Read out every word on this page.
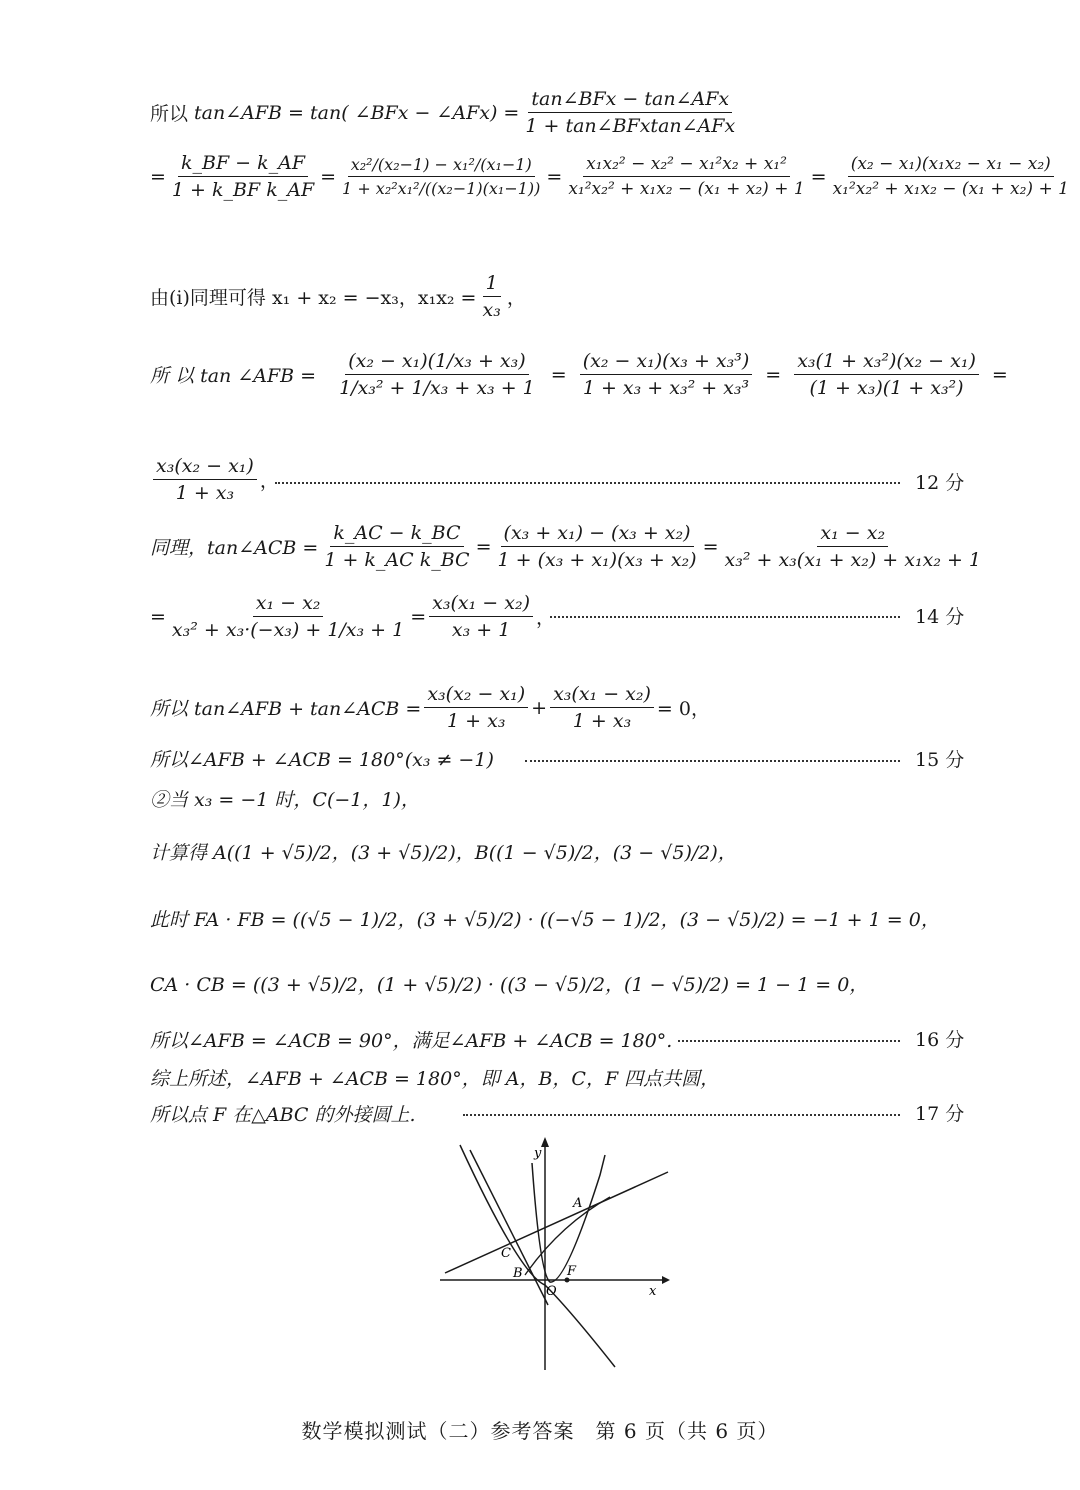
所以 tan∠AFB = tan( ∠BFx − ∠AFx) = $\frac{\text{tan∠BFx − tan∠AFx}}{\text{1 + tan∠BFxtan∠AFx}}$
= $\frac{k\_BF - k\_AF}{\text{1 + k\_BF k\_AF}} = \frac{\text{x₂²/(x₂−1) − x₁²/(x₁−1)}}{\text{1 + x₂²x₁²/((x₂−1)(x₁−1))}} = \frac{\text{x₁x₂² − x₂² − x₁²x₂ + x₁²}}{\text{x₁²x₂² + x₁x₂ − (x₁ + x₂) + 1}} = \frac{\text{(x₂ − x₁)(x₁x₂ − x₁ − x₂)}}{\text{x₁²x₂² + x₁x₂ − (x₁ + x₂) + 1}}$
由(i)同理可得 x₁ + x₂ = −x₃，$x_1x_2 = \frac{1}{\text{x₃}}$ ，
所 以 tan ∠AFB = $\frac{\text{(x₂ − x₁)(1/x₃ + x₃)}}{\text{1/x₃² + 1/x₃ + x₃ + 1}} = \frac{\text{(x₂ − x₁)(x₃ + x₃³)}}{\text{1 + x₃ + x₃² + x₃³}} = \frac{\text{x₃(1 + x₃²)(x₂ − x₁)}}{\text{(1 + x₃)(1 + x₃²)}}$ =
$\frac{\text{x₃(x₂ − x₁)}}{\text{1 + x₃}}$ ，	12 分
同理，tan∠ACB = $\frac{k\_AC - k\_BC}{\text{1 + k\_AC k\_BC}} = \frac{\text{(x₃ + x₁) − (x₃ + x₂)}}{\text{1 + (x₃ + x₁)(x₃ + x₂)}} = \frac{\text{x₁ − x₂}}{\text{x₃² + x₃(x₁ + x₂) + x₁x₂ + 1}}$
= $\frac{\text{x₁ − x₂}}{\text{x₃² + x₃·(−x₃) + 1/x₃ + 1}} = \frac{\text{x₃(x₁ − x₂)}}{\text{x₃ + 1}}$ ，	14 分
所以 tan∠AFB + tan∠ACB = $\frac{\text{x₃(x₂ − x₁)}}{\text{1 + x₃}} + \frac{\text{x₃(x₁ − x₂)}}{\text{1 + x₃}} = 0$，
所以∠AFB + ∠ACB = 180°(x₃ ≠ −1)	15 分
②当 x₃ = −1 时，C(−1，1)，
计算得 A((1 + √5)/2，(3 + √5)/2)，B((1 − √5)/2，(3 − √5)/2)，
此时 FA · FB = ((√5 − 1)/2，(3 + √5)/2) · ((−√5 − 1)/2，(3 − √5)/2) = −1 + 1 = 0，
CA · CB = ((3 + √5)/2，(1 + √5)/2) · ((3 − √5)/2，(1 − √5)/2) = 1 − 1 = 0，
所以∠AFB = ∠ACB = 90°，满足∠AFB + ∠ACB = 180°.	16 分
综上所述，∠AFB + ∠ACB = 180°，即 A，B，C，F 四点共圆，
所以点 F 在△ABC 的外接圆上.	17 分
y
x
A
B
C
F
O
数学模拟测试（二）参考答案　第 6 页（共 6 页）
